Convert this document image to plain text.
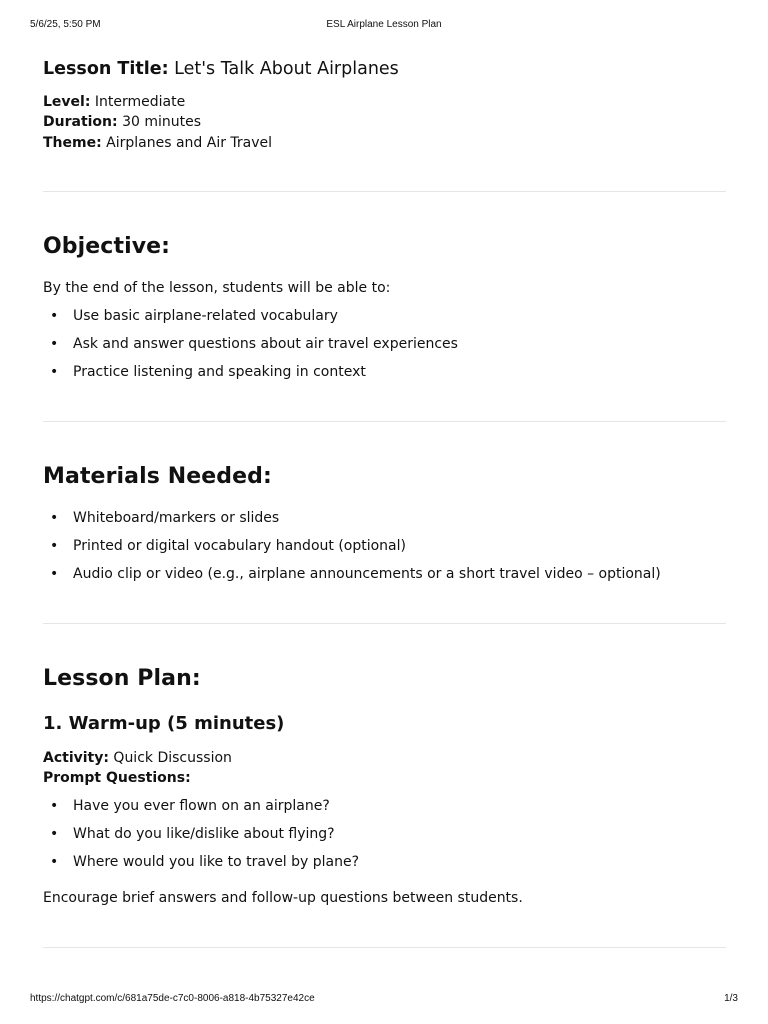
5/6/25, 5:50 PM	ESL Airplane Lesson Plan
Lesson Title: Let's Talk About Airplanes
Level: Intermediate
Duration: 30 minutes
Theme: Airplanes and Air Travel
Objective:
By the end of the lesson, students will be able to:
• Use basic airplane-related vocabulary
• Ask and answer questions about air travel experiences
• Practice listening and speaking in context
Materials Needed:
• Whiteboard/markers or slides
• Printed or digital vocabulary handout (optional)
• Audio clip or video (e.g., airplane announcements or a short travel video – optional)
Lesson Plan:
1. Warm-up (5 minutes)
Activity: Quick Discussion
Prompt Questions:
• Have you ever flown on an airplane?
• What do you like/dislike about flying?
• Where would you like to travel by plane?
Encourage brief answers and follow-up questions between students.
https://chatgpt.com/c/681a75de-c7c0-8006-a818-4b75327e42ce	1/3
